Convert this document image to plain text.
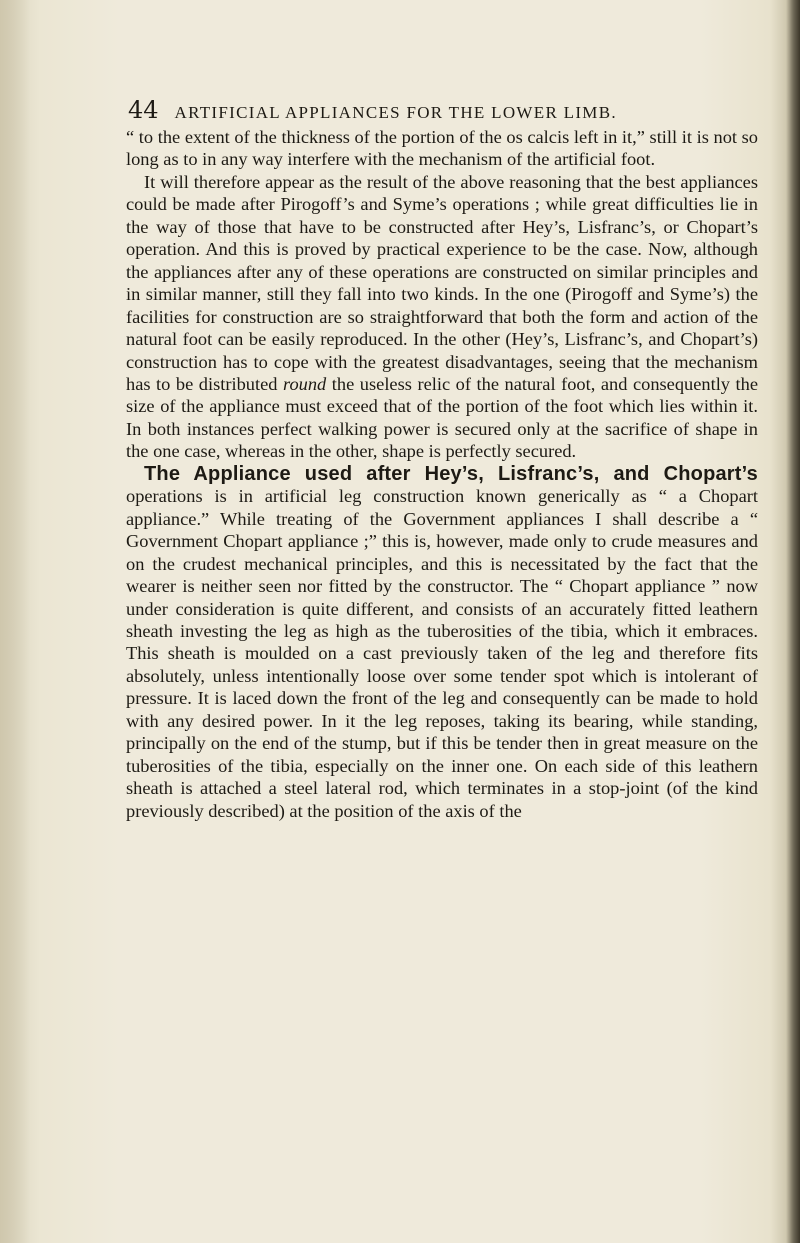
44 ARTIFICIAL APPLIANCES FOR THE LOWER LIMB.

“ to the extent of the thickness of the portion of the os calcis left in it,” still it is not so long as to in any way interfere with the mechanism of the artificial foot.

It will therefore appear as the result of the above reasoning that the best appliances could be made after Pirogoff’s and Syme’s operations ; while great difficulties lie in the way of those that have to be constructed after Hey’s, Lisfranc’s, or Chopart’s operation. And this is proved by practical experience to be the case. Now, although the appliances after any of these operations are constructed on similar principles and in similar manner, still they fall into two kinds. In the one (Pirogoff and Syme’s) the facilities for construction are so straightforward that both the form and action of the natural foot can be easily reproduced. In the other (Hey’s, Lisfranc’s, and Chopart’s) construction has to cope with the greatest disadvantages, seeing that the mechanism has to be distributed round the useless relic of the natural foot, and consequently the size of the appliance must exceed that of the portion of the foot which lies within it. In both instances perfect walking power is secured only at the sacrifice of shape in the one case, whereas in the other, shape is perfectly secured.

The Appliance used after Hey’s, Lisfranc’s, and Chopart’s operations is in artificial leg construction known generically as “ a Chopart appliance.” While treating of the Government appliances I shall describe a “ Government Chopart appliance ;” this is, however, made only to crude measures and on the crudest mechanical principles, and this is necessitated by the fact that the wearer is neither seen nor fitted by the constructor. The “ Chopart appliance ” now under consideration is quite different, and consists of an accurately fitted leathern sheath investing the leg as high as the tuberosities of the tibia, which it embraces. This sheath is moulded on a cast previously taken of the leg and therefore fits absolutely, unless intentionally loose over some tender spot which is intolerant of pressure. It is laced down the front of the leg and consequently can be made to hold with any desired power. In it the leg reposes, taking its bearing, while standing, principally on the end of the stump, but if this be tender then in great measure on the tuberosities of the tibia, especially on the inner one. On each side of this leathern sheath is attached a steel lateral rod, which terminates in a stop-joint (of the kind previously described) at the position of the axis of the
